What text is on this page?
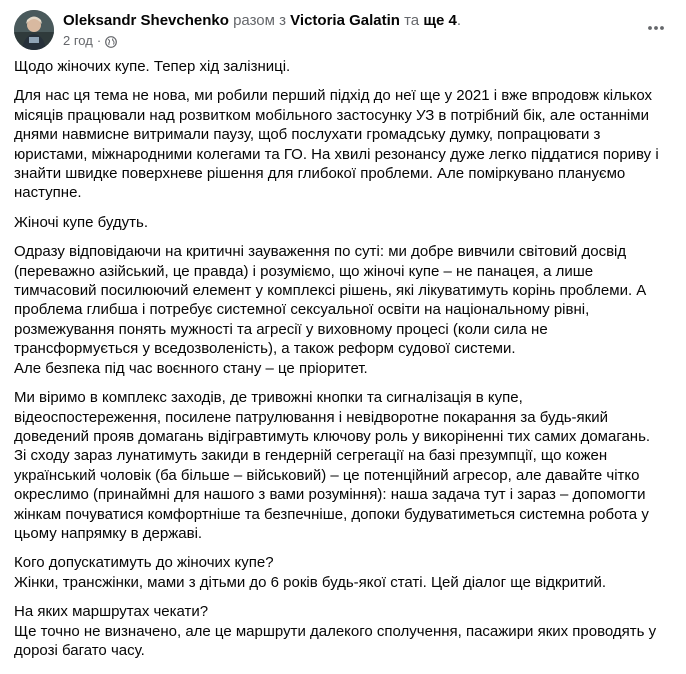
Oleksandr Shevchenko разом з Victoria Galatin та ще 4.
2 год ·

Щодо жіночих купе. Тепер хід залізниці.

Для нас ця тема не нова, ми робили перший підхід до неї ще у 2021 і вже впродовж кількох місяців працювали над розвитком мобільного застосунку УЗ в потрібний бік, але останніми днями навмисне витримали паузу, щоб послухати громадську думку, попрацювати з юристами, міжнародними колегами та ГО. На хвилі резонансу дуже легко піддатися пориву і знайти швидке поверхневе рішення для глибокої проблеми. Але поміркувано плануємо наступне.

Жіночі купе будуть.

Одразу відповідаючи на критичні зауваження по суті: ми добре вивчили світовий досвід (переважно азійський, це правда) і розуміємо, що жіночі купе – не панацея, а лише тимчасовий посилюючий елемент у комплексі рішень, які лікуватимуть корінь проблеми. А проблема глибша і потребує системної сексуальної освіти на національному рівні, розмежування понять мужності та агресії у виховному процесі (коли сила не трансформується у вседозволеність), а також реформ судової системи.
Але безпека під час воєнного стану – це пріоритет.

Ми віримо в комплекс заходів, де тривожні кнопки та сигналізація в купе, відеоспостереження, посилене патрулювання і невідворотне покарання за будь-який доведений прояв домагань відігравтимуть ключову роль у викоріненні тих самих домагань.
Зі сходу зараз лунатимуть закиди в гендерній сегрегації на базі презумпції, що кожен український чоловік (ба більше – військовий) – це потенційний агресор, але давайте чітко окреслимо (принаймні для нашого з вами розуміння): наша задача тут і зараз – допомогти жінкам почуватися комфортніше та безпечніше, допоки будуватиметься системна робота у цьому напрямку в державі.

Кого допускатимуть до жіночих купе?
Жінки, трансжінки, мами з дітьми до 6 років будь-якої статі. Цей діалог ще відкритий.

На яких маршрутах чекати?
Ще точно не визначено, але це маршрути далекого сполучення, пасажири яких проводять у дорозі багато часу.
